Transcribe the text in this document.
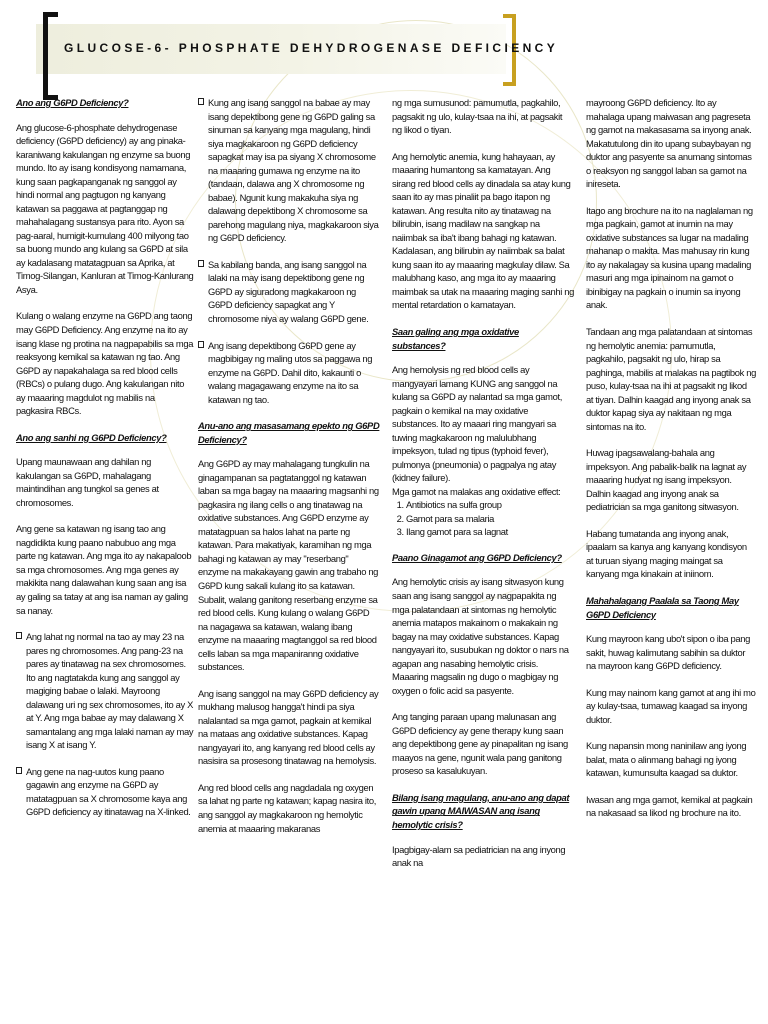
GLUCOSE-6- PHOSPHATE DEHYDROGENASE DEFICIENCY
Ano ang G6PD Deficiency?

Ang glucose-6-phosphate dehydrogenase deficiency (G6PD deficiency) ay ang pinaka-karaniwang kakulangan ng enzyme sa buong mundo. Ito ay isang kondisyong namamana, kung saan pagkapanganak ng sanggol ay hindi normal ang pagtugon ng kanyang katawan sa paggawa at pagtanggap ng mahahalagang sustansya para rito. Ayon sa pag-aaral, humigit-kumulang 400 milyong tao sa buong mundo ang kulang sa G6PD at sila ay kadalasang matatagpuan sa Aprika, at Timog-Silangan, Kanluran at Timog-Kanlurang Asya.

Kulang o walang enzyme na G6PD ang taong may G6PD Deficiency. Ang enzyme na ito ay isang klase ng protina na nagpapabilis sa mga reaksyong kemikal sa katawan ng tao. Ang G6PD ay napakahalaga sa red blood cells (RBCs) o pulang dugo. Ang kakulangan nito ay maaaring magdulot ng mabilis na pagkasira RBCs.

Ano ang sanhi ng G6PD Deficiency?

Upang maunawaan ang dahilan ng kakulangan sa G6PD, mahalagang maintindihan ang tungkol sa genes at chromosomes.

Ang gene sa katawan ng isang tao ang nagdidikta kung paano nabubuo ang mga parte ng katawan. Ang mga ito ay nakapaloob sa mga chromosomes. Ang mga genes ay makikita nang dalawahan kung saan ang isa ay galing sa tatay at ang isa naman ay galing sa nanay.

Ang lahat ng normal na tao ay may 23 na pares ng chromosomes. Ang pang-23 na pares ay tinatawag na sex chromosomes. Ito ang nagtatakda kung ang sanggol ay magiging babae o lalaki. Mayroong dalawang uri ng sex chromosomes, ito ay X at Y. Ang mga babae ay may dalawang X samantalang ang mga lalaki naman ay may isang X at isang Y.
Ang gene na nag-uutos kung paano gagawin ang enzyme na G6PD ay matatagpuan sa X chromosome kaya ang G6PD deficiency ay itinatawag na X-linked.
Kung ang isang sanggol na babae ay may isang depektibong gene ng G6PD galing sa sinuman sa kanyang mga magulang, hindi siya magkakaroon ng G6PD deficiency sapagkat may isa pa siyang X chromosome na maaaring gumawa ng enzyme na ito (tandaan, dalawa ang X chromosome ng babae). Ngunit kung makakuha siya ng dalawang depektibong X chromosome sa parehong magulang niya, magkakaroon siya ng G6PD deficiency.
Sa kabilang banda, ang isang sanggol na lalaki na may isang depektibong gene ng G6PD ay siguradong magkakaroon ng G6PD deficiency sapagkat ang Y chromosome niya ay walang G6PD gene.
Ang isang depektibong G6PD gene ay magbibigay ng maling utos sa paggawa ng enzyme na G6PD. Dahil dito, kakaunti o walang magagawang enzyme na ito sa katawan ng tao.
Anu-ano ang masasamang epekto ng G6PD Deficiency?

Ang G6PD ay may mahalagang tungkulin na ginagampanan sa pagtatanggol ng katawan laban sa mga bagay na maaaring magsanhi ng pagkasira ng ilang cells o ang tinatawag na oxidative substances. Ang G6PD enzyme ay matatagpuan sa halos lahat na parte ng katawan. Para makatiyak, karamihan ng mga bahagi ng katawan ay may "reserbang" enzyme na makakayang gawin ang trabaho ng G6PD kung sakali kulang ito sa katawan. Subalit, walang ganitong reserbang enzyme sa red blood cells. Kung kulang o walang G6PD na nagagawa sa katawan, walang ibang enzyme na maaaring magtanggol sa red blood cells laban sa mga mapaniranng oxidative substances.

Ang isang sanggol na may G6PD deficiency ay mukhang malusog hangga't hindi pa siya nalalantad sa mga gamot, pagkain at kemikal na mataas ang oxidative substances. Kapag nangyayari ito, ang kanyang red blood cells ay nasisira sa prosesong tinatawag na hemolysis.

Ang red blood cells ang nagdadala ng oxygen sa lahat ng parte ng katawan; kapag nasira ito, ang sanggol ay magkakaroon ng hemolytic anemia at maaaring makaranas

ng mga sumusunod: pamumutla, pagkahilo, pagsakit ng ulo, kulay-tsaa na ihi, at pagsakit ng likod o tiyan.

Ang hemolytic anemia, kung hahayaan, ay maaaring humantong sa kamatayan. Ang sirang red blood cells ay dinadala sa atay kung saan ito ay mas pinaliit pa bago itapon ng katawan. Ang resulta nito ay tinatawag na bilirubin, isang madilaw na sangkap na naiimbak sa iba't ibang bahagi ng katawan. Kadalasan, ang bilirubin ay naiimbak sa balat kung saan ito ay maaaring magkulay dilaw. Sa malubhang kaso, ang mga ito ay maaaring maimbak sa utak na maaaring maging sanhi ng mental retardation o kamatayan.

Saan galing ang mga oxidative substances?

Ang hemolysis ng red blood cells ay mangyayari lamang KUNG ang sanggol na kulang sa G6PD ay nalantad sa mga gamot, pagkain o kemikal na may oxidative substances. Ito ay maaari ring mangyari sa tuwing magkakaroon ng malulubhang impeksyon, tulad ng tipus (typhoid fever), pulmonya (pneumonia) o pagpalya ng atay (kidney failure).

Mga gamot na malakas ang oxidative effect:
1. Antibiotics na sulfa group
2. Gamot para sa malaria
3. Ilang gamot para sa lagnat
Paano Ginagamot ang G6PD Deficiency?

Ang hemolytic crisis ay isang sitwasyon kung saan ang isang sanggol ay nagpapakita ng mga palatandaan at sintomas ng hemolytic anemia matapos makainom o makakain ng bagay na may oxidative substances. Kapag nangyayari ito, susubukan ng doktor o nars na agapan ang nasabing hemolytic crisis. Maaaring magsalin ng dugo o magbigay ng oxygen o folic acid sa pasyente.

Ang tanging paraan upang malunasan ang G6PD deficiency ay gene therapy kung saan ang depektibong gene ay pinapalitan ng isang maayos na gene, ngunit wala pang ganitong proseso sa kasalukuyan.

Bilang isang magulang, anu-ano ang dapat gawin upang MAIWASAN ang isang hemolytic crisis?

Ipagbigay-alam sa pediatrician na ang inyong anak na

mayroong G6PD deficiency. Ito ay mahalaga upang maiwasan ang pagreseta ng gamot na makasasama sa inyong anak. Makatutulong din ito upang subaybayan ng duktor ang pasyente sa anumang sintomas o reaksyon ng sanggol laban sa gamot na inireseta.

Itago ang brochure na ito na naglalaman ng mga pagkain, gamot at inumin na may oxidative substances sa lugar na madaling mahanap o makita. Mas mahusay rin kung ito ay nakalagay sa kusina upang madaling masuri ang mga ipinainom na gamot o ibinibigay na pagkain o inumin sa inyong anak.

Tandaan ang mga palatandaan at sintomas ng hemolytic anemia: pamumutla, pagkahilo, pagsakit ng ulo, hirap sa paghinga, mabilis at malakas na pagtibok ng puso, kulay-tsaa na ihi at pagsakit ng likod at tiyan. Dalhin kaagad ang inyong anak sa duktor kapag siya ay nakitaan ng mga sintomas na ito.

Huwag ipagsawalang-bahala ang impeksyon. Ang pabalik-balik na lagnat ay maaaring hudyat ng isang impeksyon. Dalhin kaagad ang inyong anak sa pediatrician sa mga ganitong sitwasyon.

Habang tumatanda ang inyong anak, ipaalam sa kanya ang kanyang kondisyon at turuan siyang maging maingat sa kanyang mga kinakain at iniinom.

Mahahalagang Paalala sa Taong May G6PD Deficiency

Kung mayroon kang ubo't sipon o iba pang sakit, huwag kalimutang sabihin sa duktor na mayroon kang G6PD deficiency.

Kung may nainom kang gamot at ang ihi mo ay kulay-tsaa, tumawag kaagad sa inyong duktor.

Kung napansin mong naninilaw ang iyong balat, mata o alinmang bahagi ng iyong katawan, kumunsulta kaagad sa duktor.

Iwasan ang mga gamot, kemikal at pagkain na nakasaad sa likod ng brochure na ito.
